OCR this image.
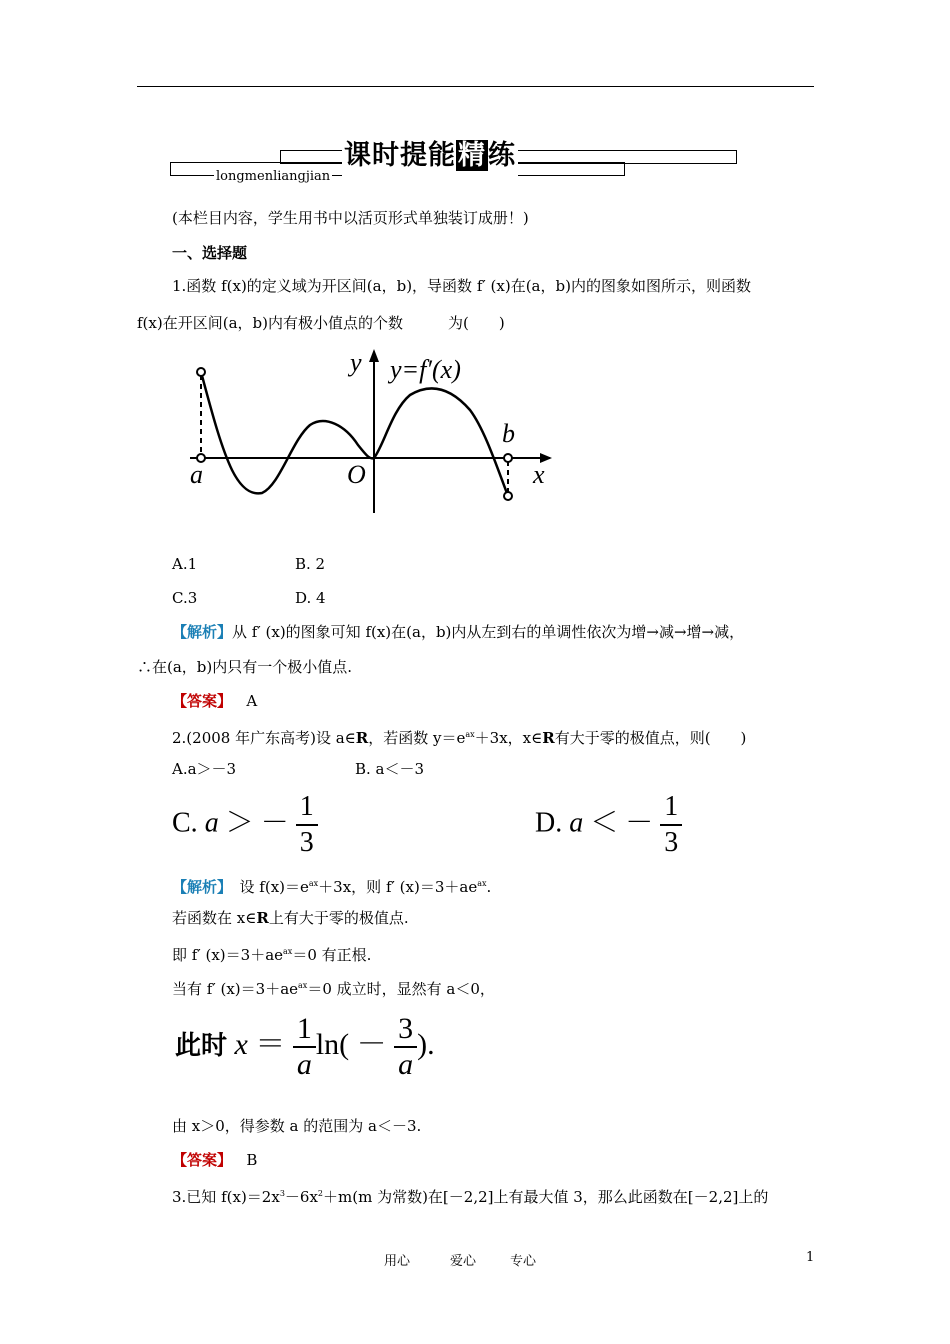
课时提能精练
longmenliangjian
(本栏目内容，学生用书中以活页形式单独装订成册！)
一、选择题
1.函数 f(x)的定义域为开区间(a，b)，导函数 f′ (x)在(a，b)内的图象如图所示，则函数
f(x)在开区间(a，b)内有极小值点的个数　　　为(　　)
y y=f′(x)
a
b
O	x
A.1	B. 2
C.3	D. 4
【解析】从 f′ (x)的图象可知 f(x)在(a，b)内从左到右的单调性依次为增→减→增→减，
∴在(a，b)内只有一个极小值点.
【答案】 A
2.(2008 年广东高考)设 a∈R，若函数 $y=e^{ax}+3x$，x∈R有大于零的极值点，则(　　)
A.a＞－3	B. a＜－3
C. a ＞ － $\frac{1}{3}$	D. a ＜ － $\frac{1}{3}$
【解析】　设 $f(x)=e^{ax}+3x$，则 f′ $(x)=3+ae^{ax}$.
若函数在 x∈R上有大于零的极值点.
即 f′ $(x)=3+ae^{ax}=0$ 有正根.
当有 f′ $(x)=3+ae^{ax}=0$ 成立时，显然有 a＜0，
此时 $x = \frac{1}{a} \ln( - \frac{3}{a}$ ).
由 x＞0，得参数 a 的范围为 a＜－3.
【答案】 B
3.已知 $f(x)=2x^3-6x^2+m(m$ 为常数)在[－2,2]上有最大值 3，那么此函数在[－2,2]上的
用心	爱心	专心	1
